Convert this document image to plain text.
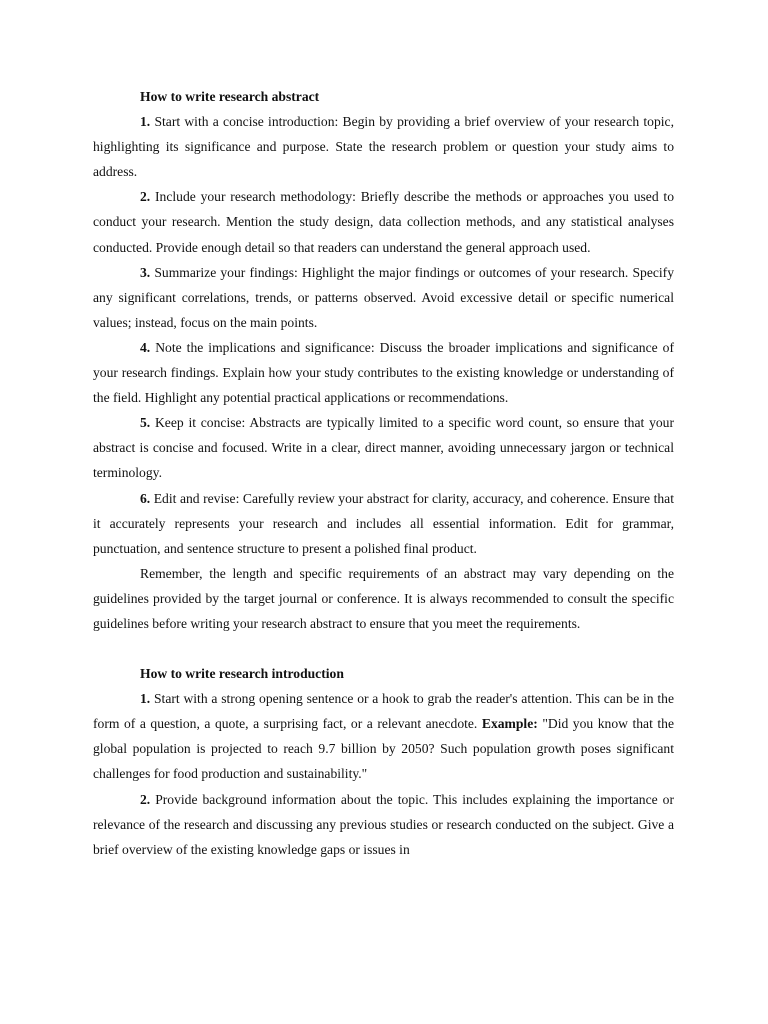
How to write research abstract

1. Start with a concise introduction: Begin by providing a brief overview of your research topic, highlighting its significance and purpose. State the research problem or question your study aims to address.

2. Include your research methodology: Briefly describe the methods or approaches you used to conduct your research. Mention the study design, data collection methods, and any statistical analyses conducted. Provide enough detail so that readers can understand the general approach used.

3. Summarize your findings: Highlight the major findings or outcomes of your research. Specify any significant correlations, trends, or patterns observed. Avoid excessive detail or specific numerical values; instead, focus on the main points.

4. Note the implications and significance: Discuss the broader implications and significance of your research findings. Explain how your study contributes to the existing knowledge or understanding of the field. Highlight any potential practical applications or recommendations.

5. Keep it concise: Abstracts are typically limited to a specific word count, so ensure that your abstract is concise and focused. Write in a clear, direct manner, avoiding unnecessary jargon or technical terminology.

6. Edit and revise: Carefully review your abstract for clarity, accuracy, and coherence. Ensure that it accurately represents your research and includes all essential information. Edit for grammar, punctuation, and sentence structure to present a polished final product.

Remember, the length and specific requirements of an abstract may vary depending on the guidelines provided by the target journal or conference. It is always recommended to consult the specific guidelines before writing your research abstract to ensure that you meet the requirements.

How to write research introduction

1. Start with a strong opening sentence or a hook to grab the reader's attention. This can be in the form of a question, a quote, a surprising fact, or a relevant anecdote. Example: "Did you know that the global population is projected to reach 9.7 billion by 2050? Such population growth poses significant challenges for food production and sustainability."

2. Provide background information about the topic. This includes explaining the importance or relevance of the research and discussing any previous studies or research conducted on the subject. Give a brief overview of the existing knowledge gaps or issues in
